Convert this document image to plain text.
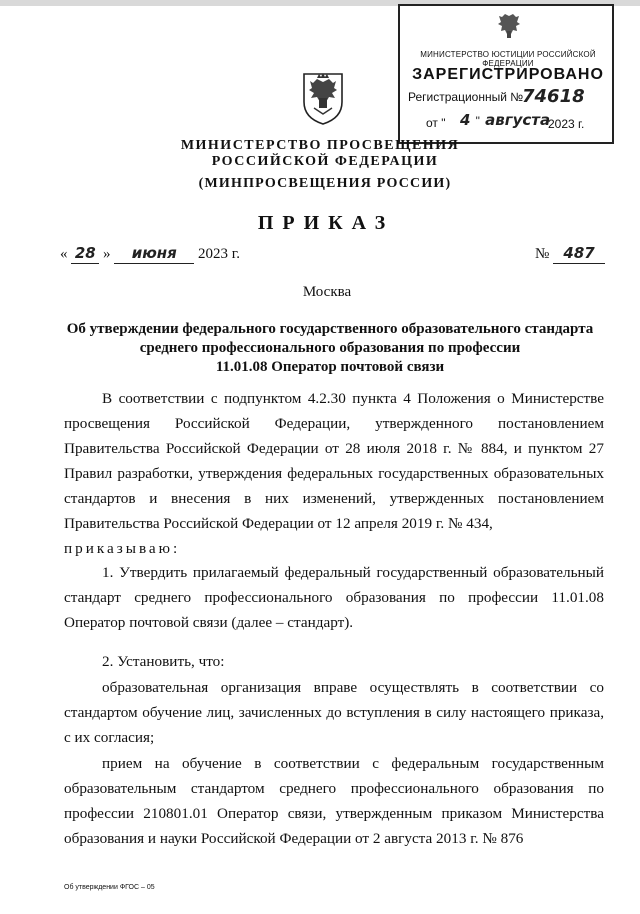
МИНИСТЕРСТВО ЮСТИЦИИ РОССИЙСКОЙ ФЕДЕРАЦИИ
ЗАРЕГИСТРИРОВАНО
Регистрационный №
74618
от " 4 " августа
2023 г.
МИНИСТЕРСТВО ПРОСВЕЩЕНИЯ
РОССИЙСКОЙ ФЕДЕРАЦИИ
(МИНПРОСВЕЩЕНИЯ РОССИИ)
ПРИКАЗ
« 28 » июня 2023 г.	№ 487
Москва
Об утверждении федерального государственного образовательного стандарта
среднего профессионального образования по профессии
11.01.08 Оператор почтовой связи
В соответствии с подпунктом 4.2.30 пункта 4 Положения о Министерстве просвещения Российской Федерации, утвержденного постановлением Правительства Российской Федерации от 28 июля 2018 г. № 884, и пунктом 27 Правил разработки, утверждения федеральных государственных образовательных стандартов и внесения в них изменений, утвержденных постановлением Правительства Российской Федерации от 12 апреля 2019 г. № 434,
приказываю:
1. Утвердить прилагаемый федеральный государственный образовательный стандарт среднего профессионального образования по профессии 11.01.08 Оператор почтовой связи (далее – стандарт).
2. Установить, что:
образовательная организация вправе осуществлять в соответствии со стандартом обучение лиц, зачисленных до вступления в силу настоящего приказа, с их согласия;
прием на обучение в соответствии с федеральным государственным образовательным стандартом среднего профессионального образования по профессии 210801.01 Оператор связи, утвержденным приказом Министерства образования и науки Российской Федерации от 2 августа 2013 г. № 876
Об утверждении ФГОС – 05
